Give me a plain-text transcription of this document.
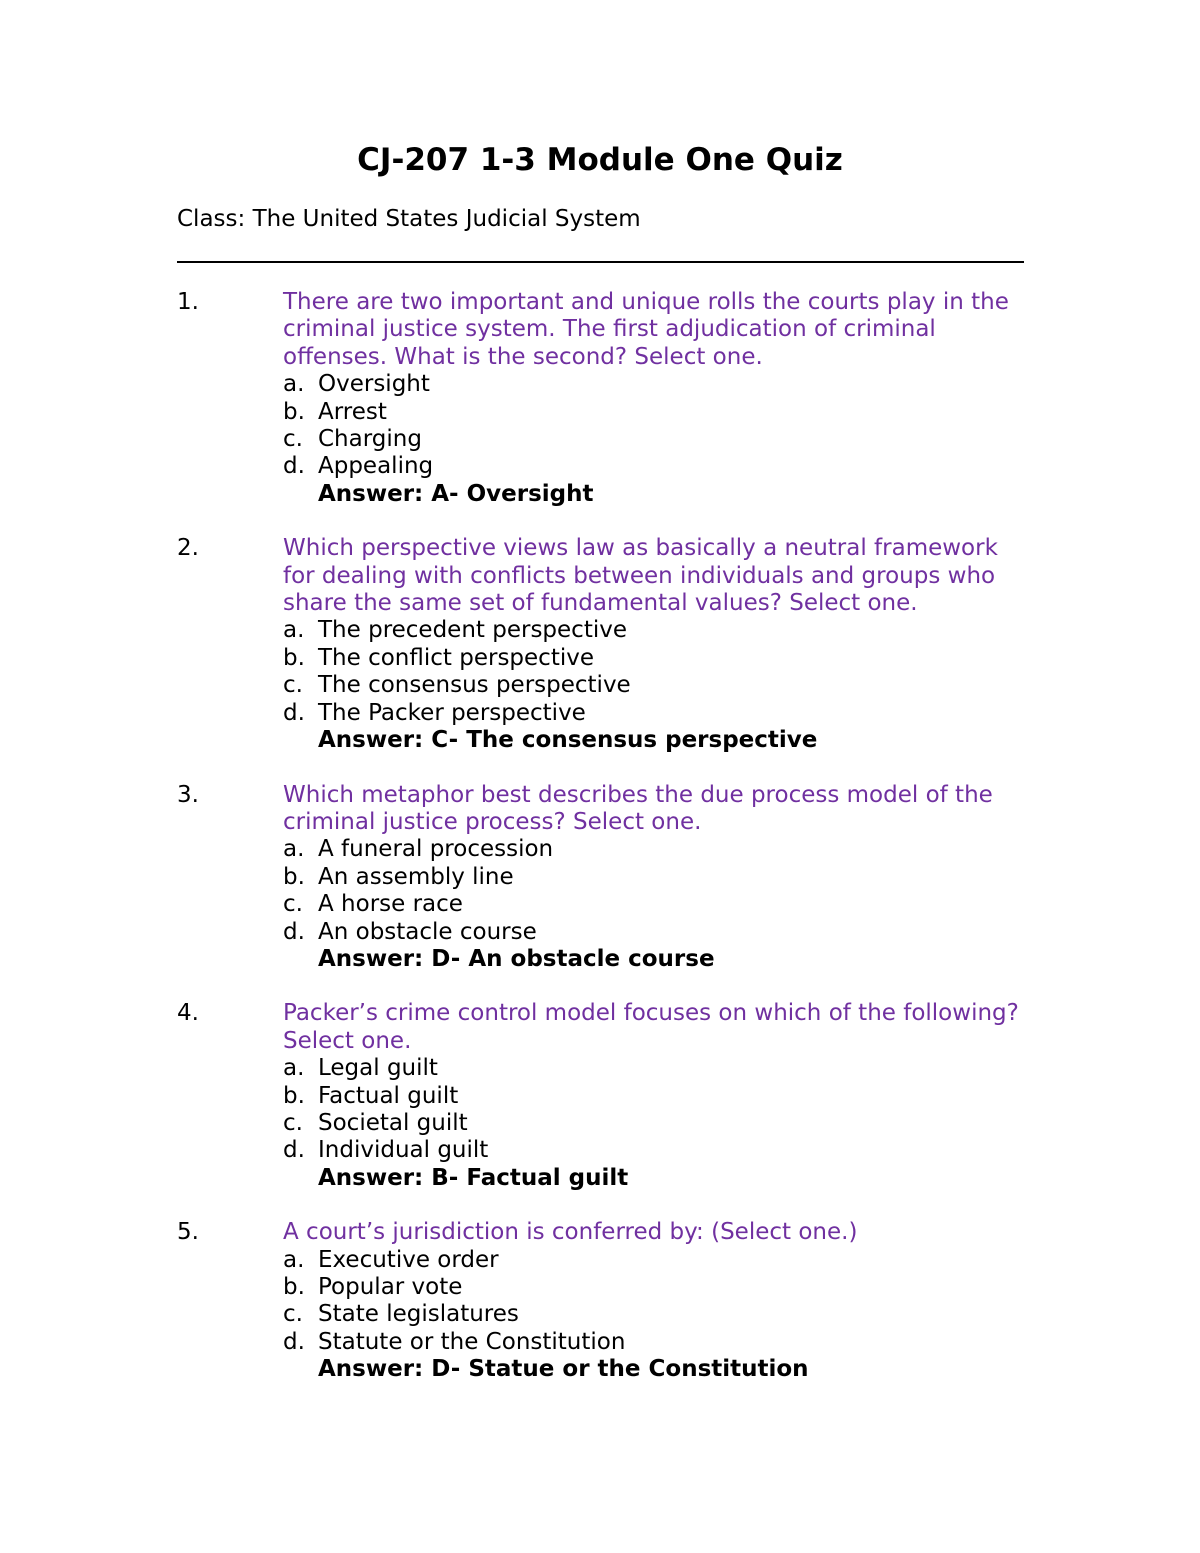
CJ-207 1-3 Module One Quiz
Class: The United States Judicial System
1.	There are two important and unique rolls the courts play in the criminal justice system. The first adjudication of criminal offenses. What is the second? Select one.
a. Oversight
b. Arrest
c. Charging
d. Appealing
Answer: A- Oversight
2.	Which perspective views law as basically a neutral framework for dealing with conflicts between individuals and groups who share the same set of fundamental values? Select one.
a. The precedent perspective
b. The conflict perspective
c. The consensus perspective
d. The Packer perspective
Answer: C- The consensus perspective
3.	Which metaphor best describes the due process model of the criminal justice process? Select one.
a. A funeral procession
b. An assembly line
c. A horse race
d. An obstacle course
Answer: D- An obstacle course
4.	Packer’s crime control model focuses on which of the following? Select one.
a. Legal guilt
b. Factual guilt
c. Societal guilt
d. Individual guilt
Answer: B- Factual guilt
5.	A court’s jurisdiction is conferred by: (Select one.)
a. Executive order
b. Popular vote
c. State legislatures
d. Statute or the Constitution
Answer: D- Statue or the Constitution
